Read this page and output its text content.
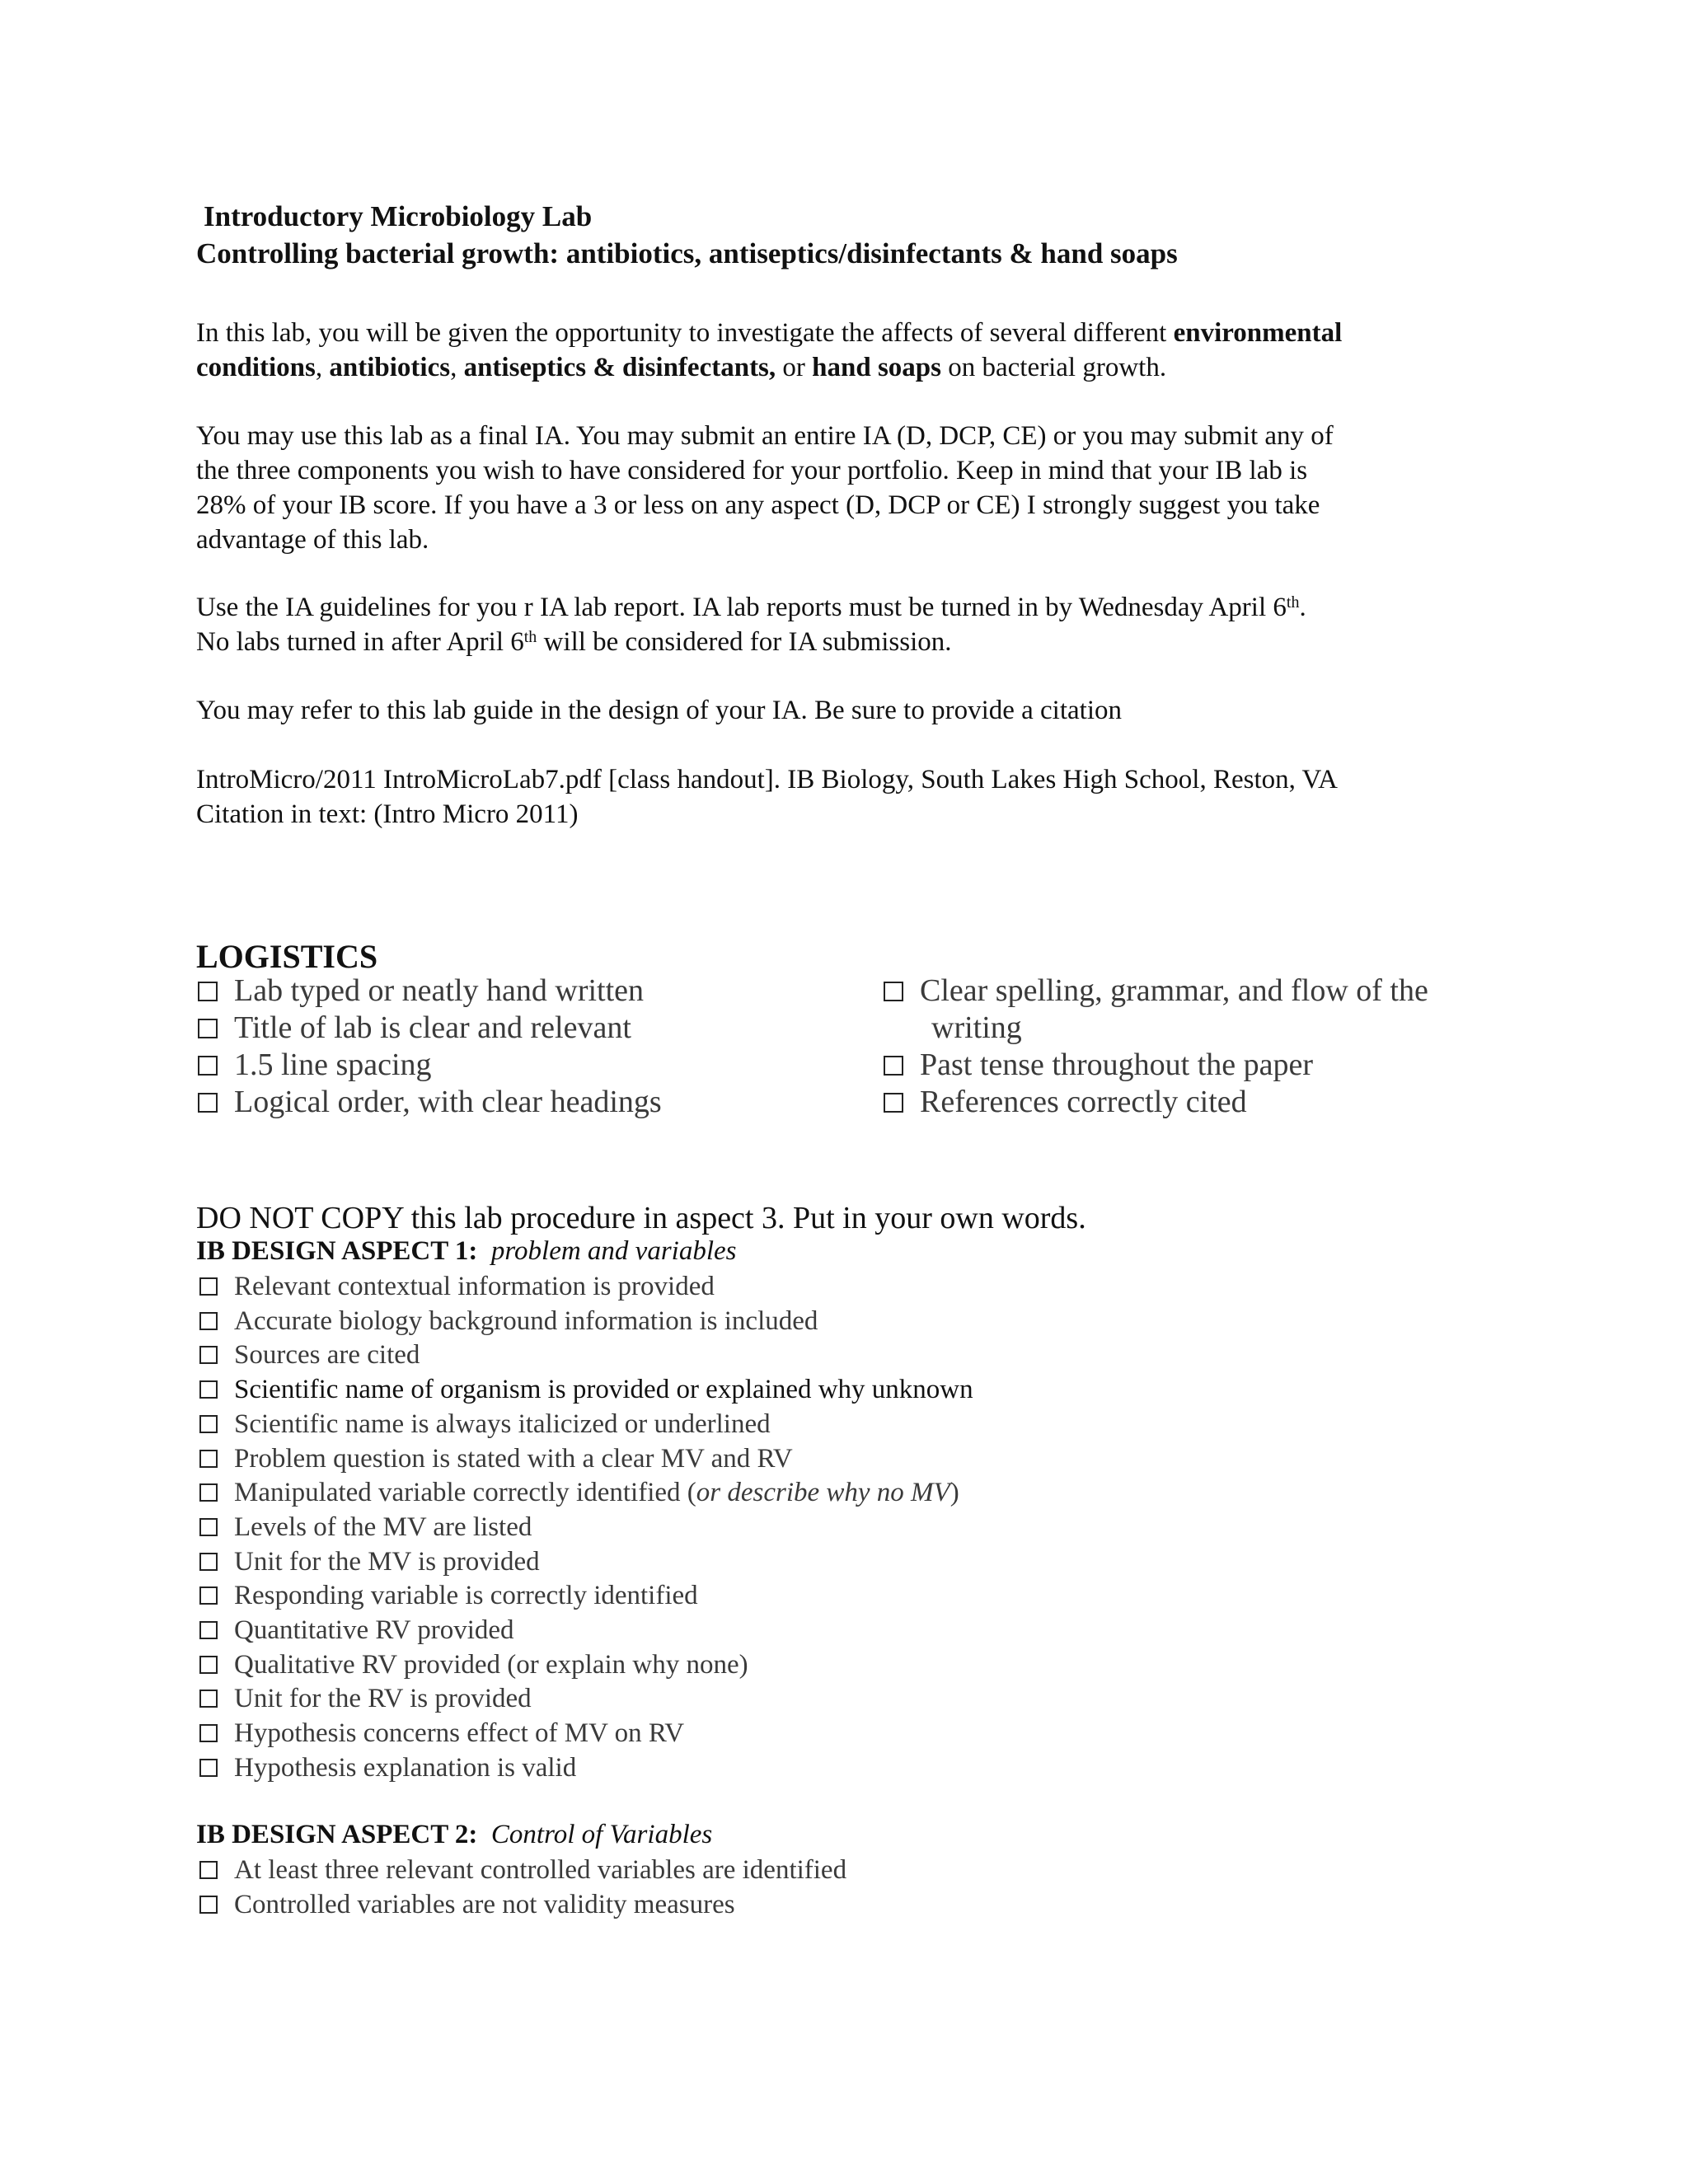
Introductory Microbiology Lab
Controlling bacterial growth: antibiotics, antiseptics/disinfectants & hand soaps
In this lab, you will be given the opportunity to investigate the affects of several different environmental
conditions, antibiotics, antiseptics & disinfectants, or hand soaps on bacterial growth.
You may use this lab as a final IA. You may submit an entire IA (D, DCP, CE) or you may submit any of
the three components you wish to have considered for your portfolio. Keep in mind that your IB lab is
28% of your IB score. If you have a 3 or less on any aspect (D, DCP or CE) I strongly suggest you take
advantage of this lab.
Use the IA guidelines for you r IA lab report. IA lab reports must be turned in by Wednesday April 6th.
No labs turned in after April 6th will be considered for IA submission.
You may refer to this lab guide in the design of your IA. Be sure to provide a citation
IntroMicro/2011 IntroMicroLab7.pdf [class handout]. IB Biology, South Lakes High School, Reston, VA
Citation in text: (Intro Micro 2011)
LOGISTICS
Lab typed or neatly hand written
Title of lab is clear and relevant
1.5 line spacing
Logical order, with clear headings
Clear spelling, grammar, and flow of the
writing
Past tense throughout the paper
References correctly cited
DO NOT COPY this lab procedure in aspect 3. Put in your own words.
IB DESIGN ASPECT 1: problem and variables
Relevant contextual information is provided
Accurate biology background information is included
Sources are cited
Scientific name of organism is provided or explained why unknown
Scientific name is always italicized or underlined
Problem question is stated with a clear MV and RV
Manipulated variable correctly identified (or describe why no MV)
Levels of the MV are listed
Unit for the MV is provided
Responding variable is correctly identified
Quantitative RV provided
Qualitative RV provided (or explain why none)
Unit for the RV is provided
Hypothesis concerns effect of MV on RV
Hypothesis explanation is valid
IB DESIGN ASPECT 2: Control of Variables
At least three relevant controlled variables are identified
Controlled variables are not validity measures
